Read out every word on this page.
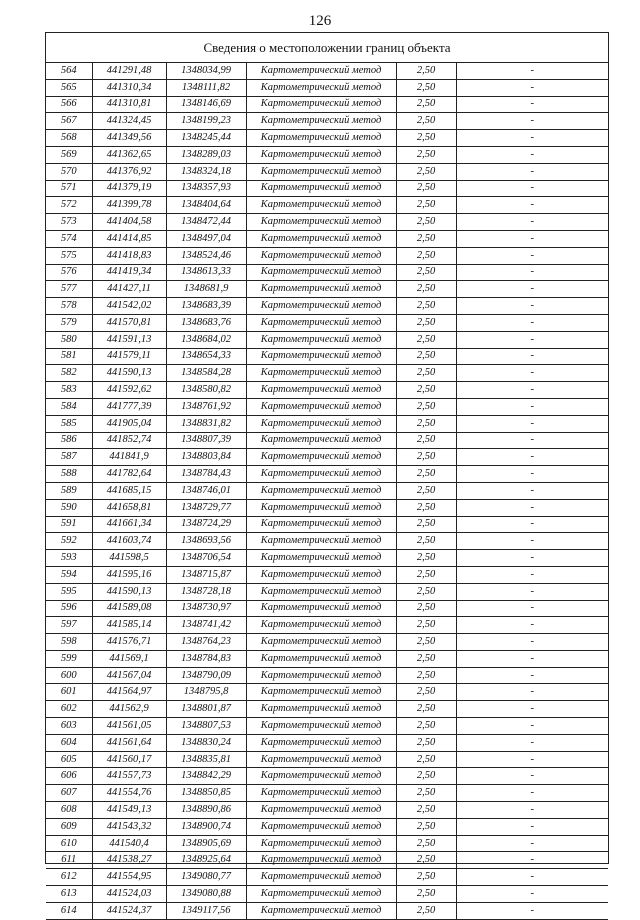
126
Сведения о местоположении границ объекта
564	441291,48	1348034,99	Картометрический метод	2,50	-
565	441310,34	1348111,82	Картометрический метод	2,50	-
566	441310,81	1348146,69	Картометрический метод	2,50	-
567	441324,45	1348199,23	Картометрический метод	2,50	-
568	441349,56	1348245,44	Картометрический метод	2,50	-
569	441362,65	1348289,03	Картометрический метод	2,50	-
570	441376,92	1348324,18	Картометрический метод	2,50	-
571	441379,19	1348357,93	Картометрический метод	2,50	-
572	441399,78	1348404,64	Картометрический метод	2,50	-
573	441404,58	1348472,44	Картометрический метод	2,50	-
574	441414,85	1348497,04	Картометрический метод	2,50	-
575	441418,83	1348524,46	Картометрический метод	2,50	-
576	441419,34	1348613,33	Картометрический метод	2,50	-
577	441427,11	1348681,9	Картометрический метод	2,50	-
578	441542,02	1348683,39	Картометрический метод	2,50	-
579	441570,81	1348683,76	Картометрический метод	2,50	-
580	441591,13	1348684,02	Картометрический метод	2,50	-
581	441579,11	1348654,33	Картометрический метод	2,50	-
582	441590,13	1348584,28	Картометрический метод	2,50	-
583	441592,62	1348580,82	Картометрический метод	2,50	-
584	441777,39	1348761,92	Картометрический метод	2,50	-
585	441905,04	1348831,82	Картометрический метод	2,50	-
586	441852,74	1348807,39	Картометрический метод	2,50	-
587	441841,9	1348803,84	Картометрический метод	2,50	-
588	441782,64	1348784,43	Картометрический метод	2,50	-
589	441685,15	1348746,01	Картометрический метод	2,50	-
590	441658,81	1348729,77	Картометрический метод	2,50	-
591	441661,34	1348724,29	Картометрический метод	2,50	-
592	441603,74	1348693,56	Картометрический метод	2,50	-
593	441598,5	1348706,54	Картометрический метод	2,50	-
594	441595,16	1348715,87	Картометрический метод	2,50	-
595	441590,13	1348728,18	Картометрический метод	2,50	-
596	441589,08	1348730,97	Картометрический метод	2,50	-
597	441585,14	1348741,42	Картометрический метод	2,50	-
598	441576,71	1348764,23	Картометрический метод	2,50	-
599	441569,1	1348784,83	Картометрический метод	2,50	-
600	441567,04	1348790,09	Картометрический метод	2,50	-
601	441564,97	1348795,8	Картометрический метод	2,50	-
602	441562,9	1348801,87	Картометрический метод	2,50	-
603	441561,05	1348807,53	Картометрический метод	2,50	-
604	441561,64	1348830,24	Картометрический метод	2,50	-
605	441560,17	1348835,81	Картометрический метод	2,50	-
606	441557,73	1348842,29	Картометрический метод	2,50	-
607	441554,76	1348850,85	Картометрический метод	2,50	-
608	441549,13	1348890,86	Картометрический метод	2,50	-
609	441543,32	1348900,74	Картометрический метод	2,50	-
610	441540,4	1348905,69	Картометрический метод	2,50	-
611	441538,27	1348925,64	Картометрический метод	2,50	-
612	441554,95	1349080,77	Картометрический метод	2,50	-
613	441524,03	1349080,88	Картометрический метод	2,50	-
614	441524,37	1349117,56	Картометрический метод	2,50	-
